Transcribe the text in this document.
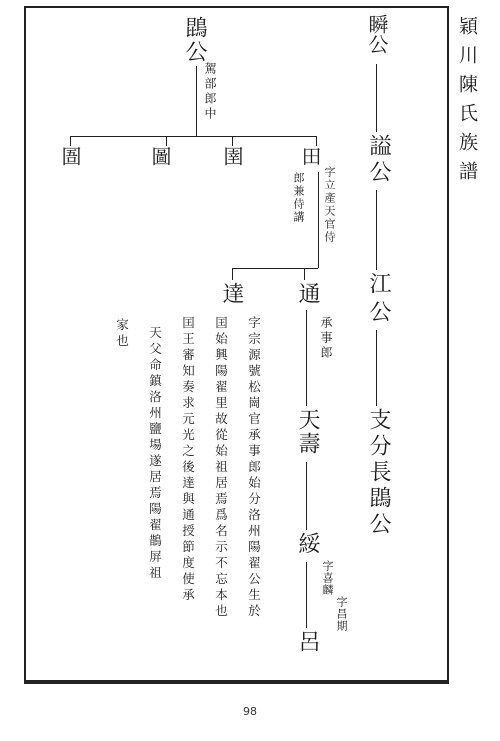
穎川陳氏族譜
瞬公
謚公
江公
支分長鵾公
鵾公
駕部郎中
圄	圖 圉	田
字立產天官侍
郎兼侍講
達
字宗源號松崗官承事郎始分洛州陽翟公生於
囯始興陽翟里故從始祖居焉爲名示不忘本也
囯王審知奏求元光之後達與通授節度使承
天父命鎮洛州鹽場遂居焉陽翟鵲屏祖
家也
通
承事郎
天壽
綏
字喜麟
呂
字昌期
98
